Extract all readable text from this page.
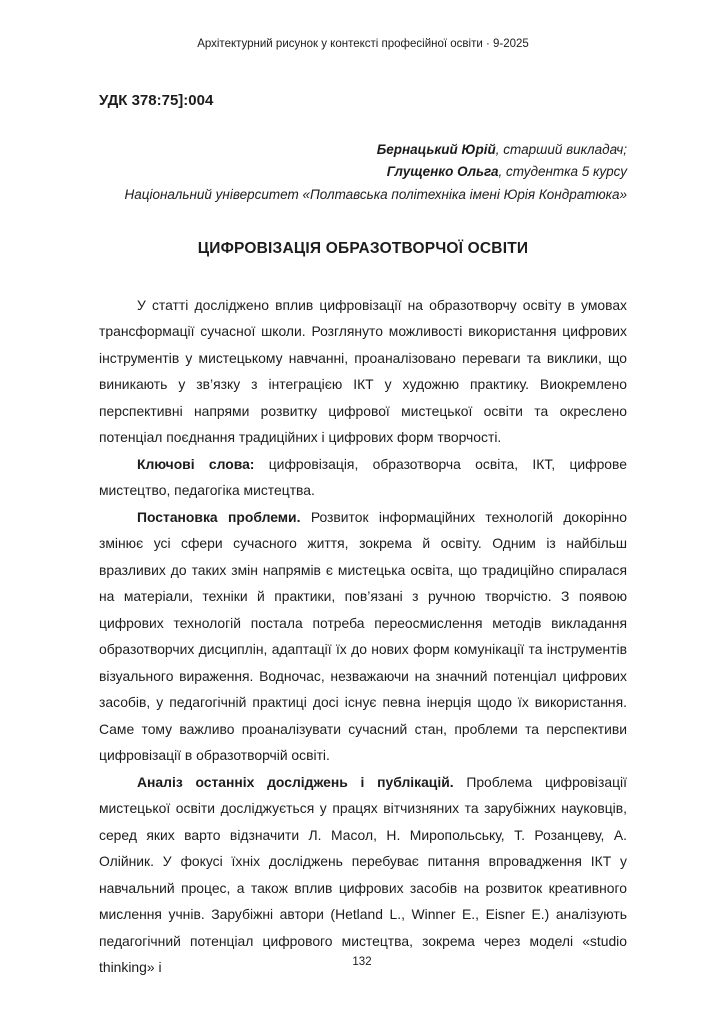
Архітектурний рисунок у контексті професійної освіти · 9-2025
УДК 378:75]:004
Бернацький Юрій, старший викладач;
Глущенко Ольга, студентка 5 курсу
Національний університет «Полтавська політехніка імені Юрія Кондратюка»
ЦИФРОВІЗАЦІЯ ОБРАЗОТВОРЧОЇ ОСВІТИ

У статті досліджено вплив цифровізації на образотворчу освіту в умовах трансформації сучасної школи. Розглянуто можливості використання цифрових інструментів у мистецькому навчанні, проаналізовано переваги та виклики, що виникають у зв’язку з інтеграцією ІКТ у художню практику. Виокремлено перспективні напрями розвитку цифрової мистецької освіти та окреслено потенціал поєднання традиційних і цифрових форм творчості.

Ключові слова: цифровізація, образотворча освіта, ІКТ, цифрове мистецтво, педагогіка мистецтва.

Постановка проблеми. Розвиток інформаційних технологій докорінно змінює усі сфери сучасного життя, зокрема й освіту. Одним із найбільш вразливих до таких змін напрямів є мистецька освіта, що традиційно спиралася на матеріали, техніки й практики, пов’язані з ручною творчістю. З появою цифрових технологій постала потреба переосмислення методів викладання образотворчих дисциплін, адаптації їх до нових форм комунікації та інструментів візуального вираження. Водночас, незважаючи на значний потенціал цифрових засобів, у педагогічній практиці досі існує певна інерція щодо їх використання. Саме тому важливо проаналізувати сучасний стан, проблеми та перспективи цифровізації в образотворчій освіті.

Аналіз останніх досліджень і публікацій. Проблема цифровізації мистецької освіти досліджується у працях вітчизняних та зарубіжних науковців, серед яких варто відзначити Л. Масол, Н. Миропольську, Т. Розанцеву, А. Олійник. У фокусі їхніх досліджень перебуває питання впровадження ІКТ у навчальний процес, а також вплив цифрових засобів на розвиток креативного мислення учнів. Зарубіжні автори (Hetland L., Winner E., Eisner E.) аналізують педагогічний потенціал цифрового мистецтва, зокрема через моделі «studio thinking» і	132
